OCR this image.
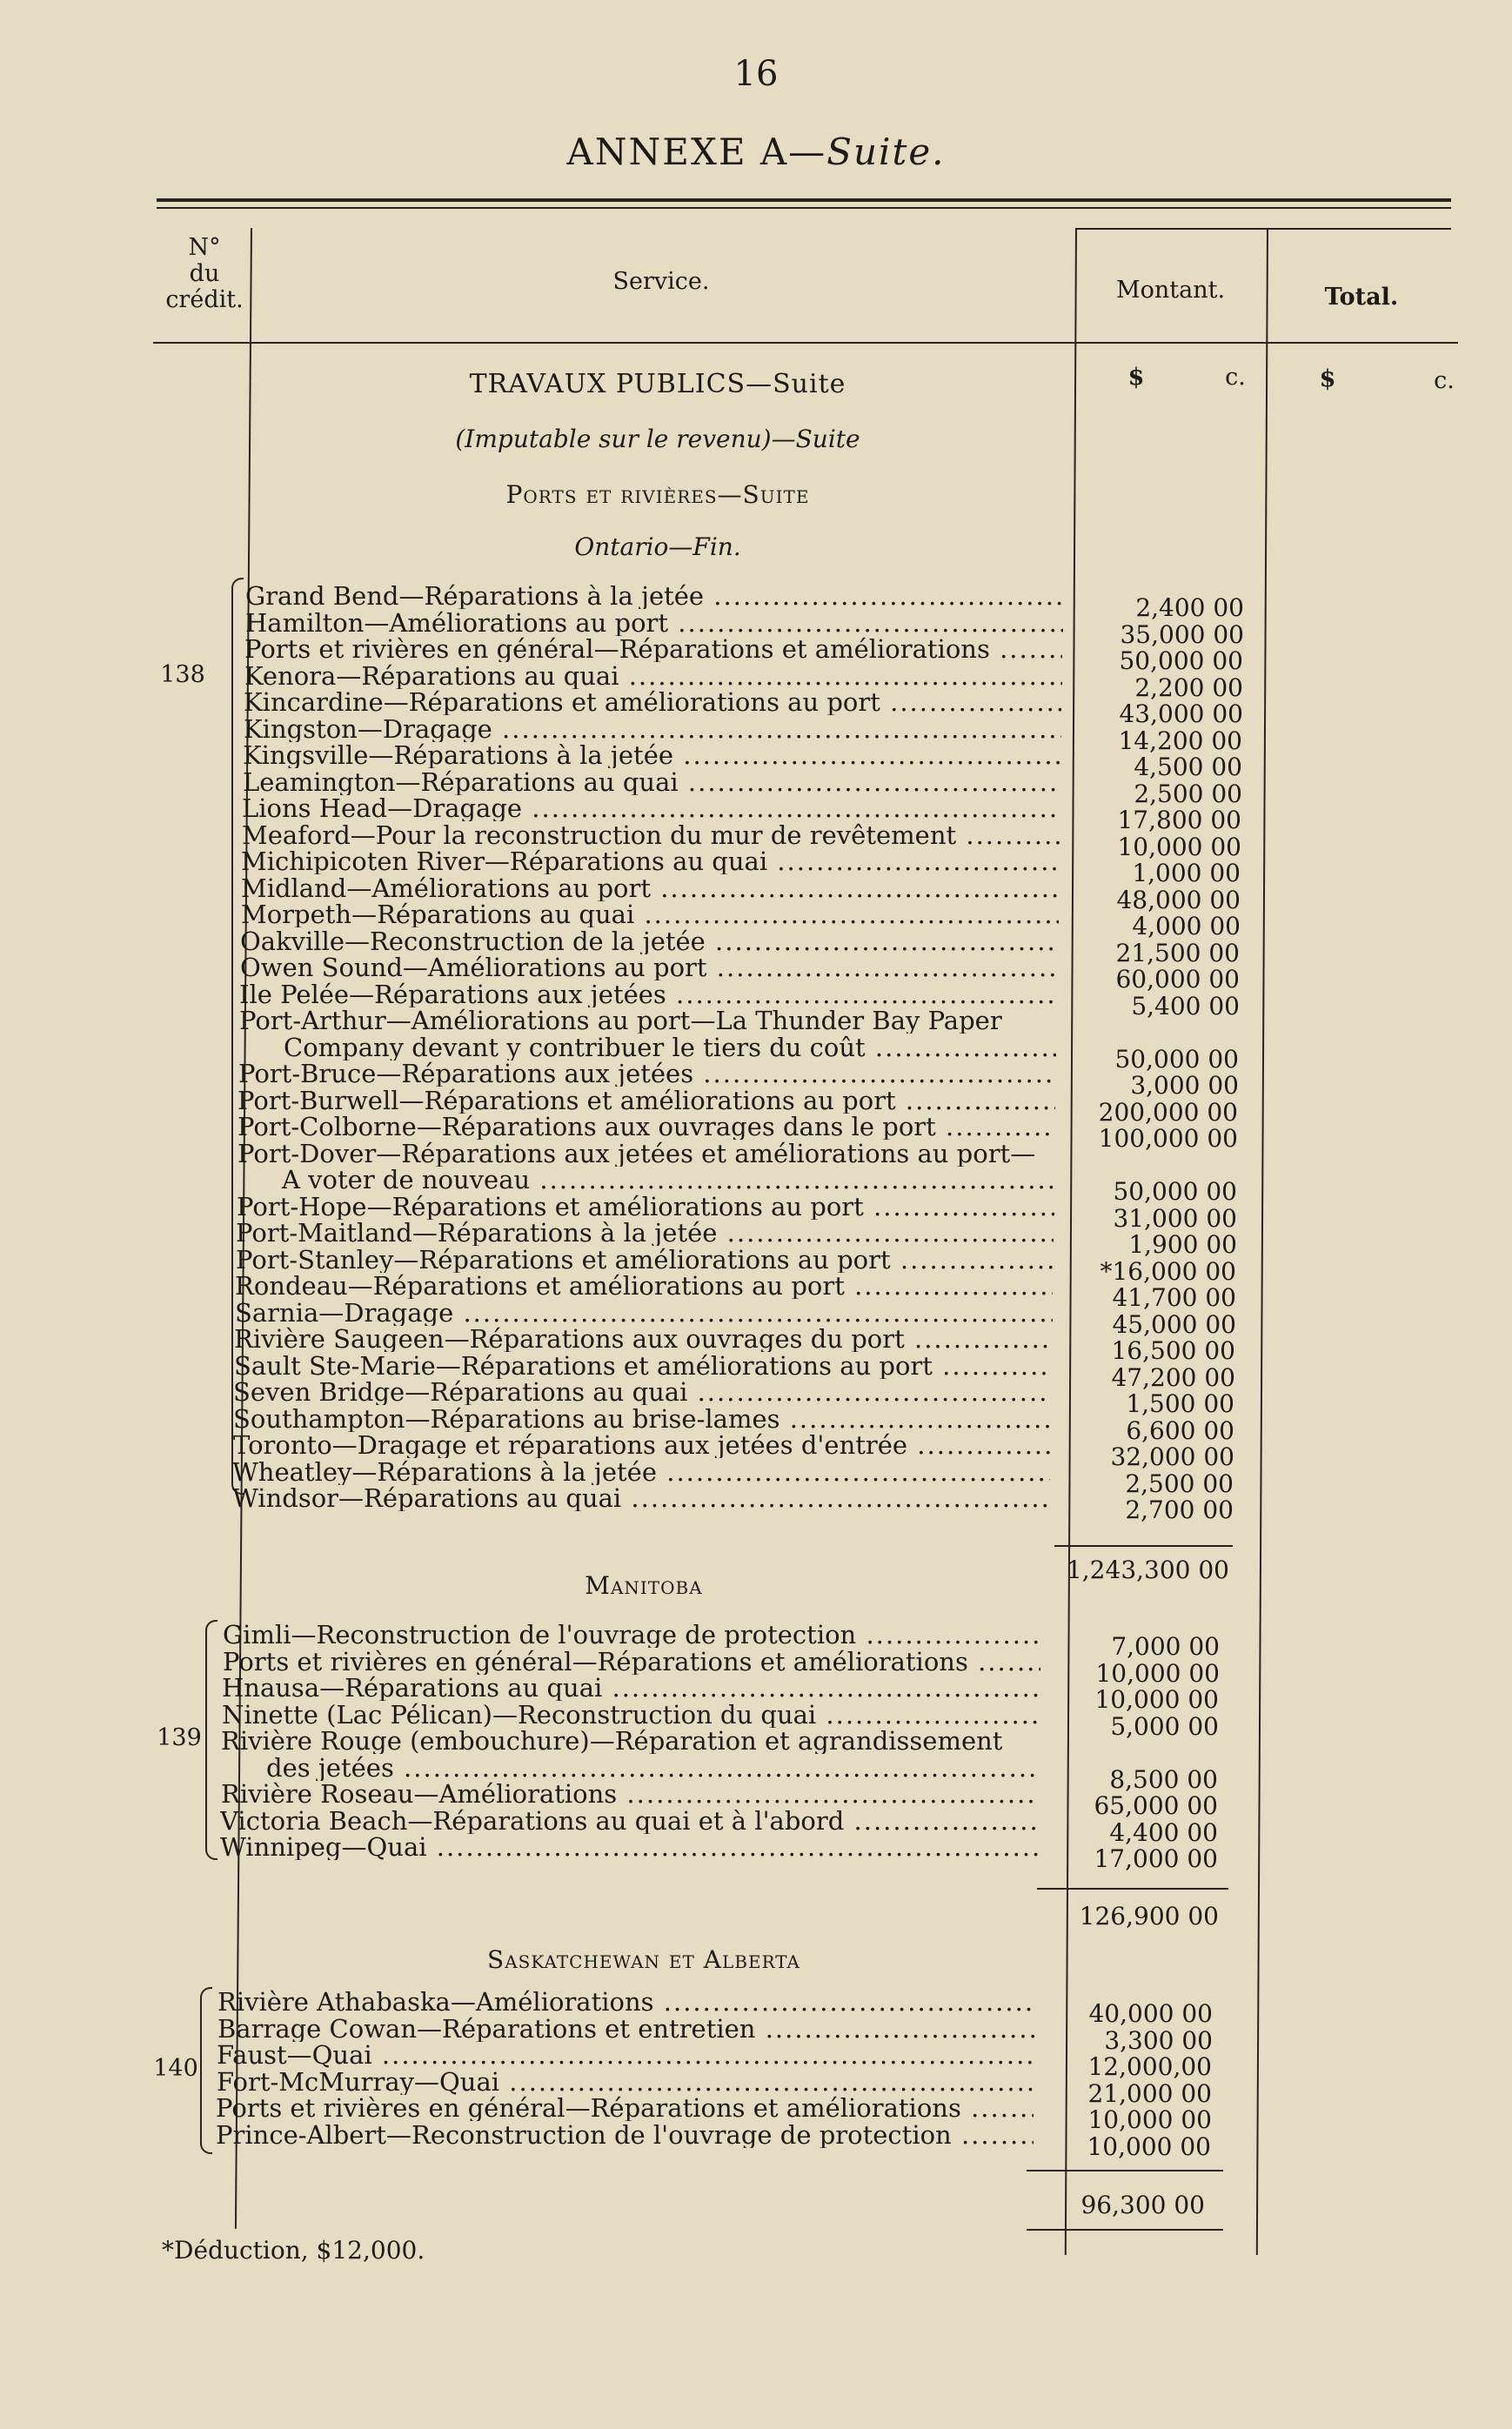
16
ANNEXE A—Suite.
N°
du
crédit.
Service.	Montant.	Total.
$	c.	$	c.
TRAVAUX PUBLICS—Suite
(Imputable sur le revenu)—Suite
Ports et rivières—Suite
Ontario—Fin.
138
Grand Bend—Réparations à la jetée .....	2,400 00
Hamilton—Améliorations au port .....	35,000 00
Ports et rivières en général—Réparations et améliorations .....	50,000 00
Kenora—Réparations au quai .....	2,200 00
Kincardine—Réparations et améliorations au port .....	43,000 00
Kingston—Dragage .....	14,200 00
Kingsville—Réparations à la jetée .....	4,500 00
Leamington—Réparations au quai .....	2,500 00
Lions Head—Dragage .....	17,800 00
Meaford—Pour la reconstruction du mur de revêtement .....	10,000 00
Michipicoten River—Réparations au quai .....	1,000 00
Midland—Améliorations au port .....	48,000 00
Morpeth—Réparations au quai .....	4,000 00
Oakville—Reconstruction de la jetée .....	21,500 00
Owen Sound—Améliorations au port .....	60,000 00
Ile Pelée—Réparations aux jetées .....	5,400 00
Port-Arthur—Améliorations au port—La Thunder Bay Paper
Company devant y contribuer le tiers du coût .....	50,000 00
Port-Bruce—Réparations aux jetées .....	3,000 00
Port-Burwell—Réparations et améliorations au port .....	200,000 00
Port-Colborne—Réparations aux ouvrages dans le port .....	100,000 00
Port-Dover—Réparations aux jetées et améliorations au port—
A voter de nouveau .....	50,000 00
Port-Hope—Réparations et améliorations au port .....	31,000 00
Port-Maitland—Réparations à la jetée .....	1,900 00
Port-Stanley—Réparations et améliorations au port .....	*16,000 00
Rondeau—Réparations et améliorations au port .....	41,700 00
Sarnia—Dragage .....	45,000 00
Rivière Saugeen—Réparations aux ouvrages du port .....	16,500 00
Sault Ste-Marie—Réparations et améliorations au port .....	47,200 00
Seven Bridge—Réparations au quai .....	1,500 00
Southampton—Réparations au brise-lames .....	6,600 00
Toronto—Dragage et réparations aux jetées d'entrée .....	32,000 00
Wheatley—Réparations à la jetée .....	2,500 00
Windsor—Réparations au quai .....	2,700 00
1,243,300 00
Manitoba
139
Gimli—Reconstruction de l'ouvrage de protection .....	7,000 00
Ports et rivières en général—Réparations et améliorations .....	10,000 00
Hnausa—Réparations au quai .....	10,000 00
Ninette (Lac Pélican)—Reconstruction du quai .....	5,000 00
Rivière Rouge (embouchure)—Réparation et agrandissement
des jetées .....	8,500 00
Rivière Roseau—Améliorations .....	65,000 00
Victoria Beach—Réparations au quai et à l'abord .....	4,400 00
Winnipeg—Quai .....	17,000 00
126,900 00
Saskatchewan et Alberta
140
Rivière Athabaska—Améliorations .....	40,000 00
Barrage Cowan—Réparations et entretien .....	3,300 00
Faust—Quai .....	12,000,00
Fort-McMurray—Quai .....	21,000 00
Ports et rivières en général—Réparations et améliorations .....	10,000 00
Prince-Albert—Reconstruction de l'ouvrage de protection .....	10,000 00
96,300 00
*Déduction, $12,000.
